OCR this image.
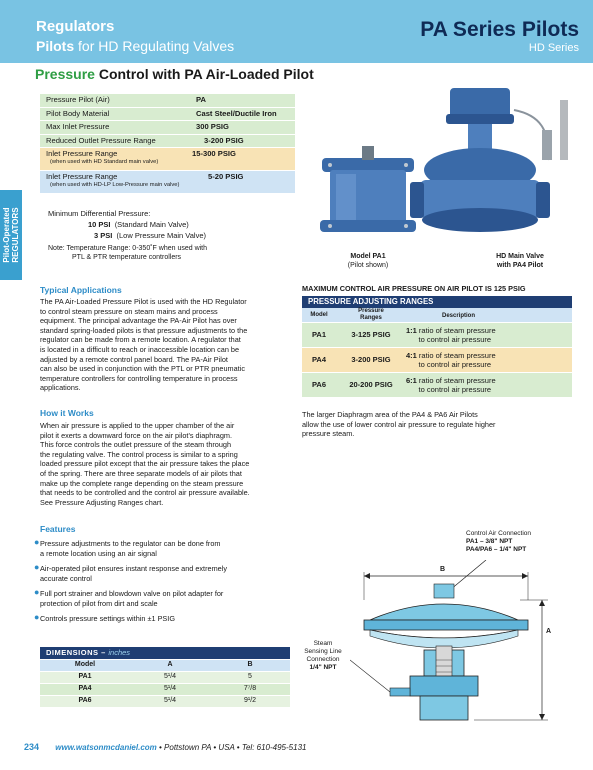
Regulators
Pilots for HD Regulating Valves
PA Series Pilots
HD Series
Pressure Control with PA Air-Loaded Pilot
Pilot-Operated REGULATORS
Pressure Pilot (Air)	PA
Pilot Body Material	Cast Steel/Ductile Iron
Max Inlet Pressure	300 PSIG
Reduced Outlet Pressure Range	3-200 PSIG
Inlet Pressure Range	15-300 PSIG
(when used with HD Standard main valve)
Inlet Pressure Range	5-20 PSIG
(when used with HD-LP Low-Pressure main valve)
Minimum Differential Pressure:
10 PSI (Standard Main Valve)
3 PSI (Low Pressure Main Valve)
Note: Temperature Range: 0-350˚F when used with
PTL & PTR temperature controllers	Model PA1
(Pilot shown)
HD Main Valve
with PA4 Pilot
Typical Applications
The PA Air-Loaded Pressure Pilot is used with the HD Regulator
to control steam pressure on steam mains and process
equipment. The principal advantage the PA-Air Pilot has over
standard spring-loaded pilots is that pressure adjustments to the
regulator can be made from a remote location. A regulator that
is located in a difficult to reach or inaccessible location can be
adjusted by a remote control panel board. The PA-Air Pilot
can also be used in conjunction with the PTL or PTR pneumatic
temperature controllers for controlling temperature in process
applications.
How it Works
When air pressure is applied to the upper chamber of the air
pilot it exerts a downward force on the air pilot's diaphragm.
This force controls the outlet pressure of the steam through
the regulating valve. The control process is similar to a spring
loaded pressure pilot except that the air pressure takes the place
of the spring. There are three separate models of air pilots that
make up the complete range depending on the steam pressure
that needs to be controlled and the control air pressure available.
See Pressure Adjusting Ranges chart.
Features
● Pressure adjustments to the regulator can be done from
a remote location using an air signal
● Air-operated pilot ensures instant response and extremely
accurate control
● Full port strainer and blowdown valve on pilot adapter for
protection of pilot from dirt and scale
● Controls pressure settings within ±1 PSIG
MAXIMUM CONTROL AIR PRESSURE ON AIR PILOT IS 125 PSIG
PRESSURE ADJUSTING RANGES
Model
Pressure
Ranges	Description
PA1	3-125 PSIG	1:1 ratio of steam pressure
to control air pressure
PA4	3-200 PSIG	4:1 ratio of steam pressure
to control air pressure
PA6	20-200 PSIG	6:1 ratio of steam pressure
to control air pressure
The larger Diaphragm area of the PA4 & PA6 Air Pilots
allow the use of lower control air pressure to regulate higher
pressure steam.
Control Air Connection
PA1 – 3/8" NPT
PA4/PA6 – 1/4" NPT
Steam
Sensing Line
Connection
1/4" NPT
B
A
DIMENSIONS – inches
Model	A	B
PA1	5¹/4	5
PA4	5¹/4	7⁷/8
PA6	5¹/4	9¹/2
234 www.watsonmcdaniel.com • Pottstown PA • USA • Tel: 610-495-5131
